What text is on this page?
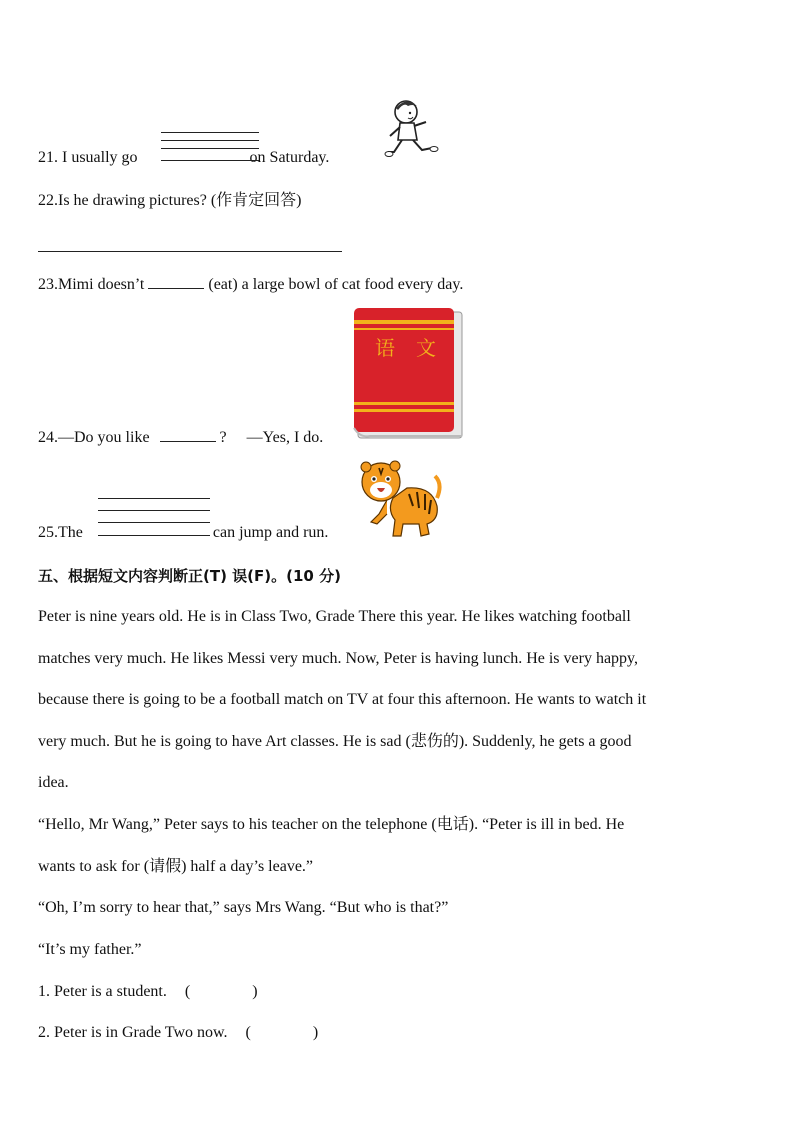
21. I usually go	on Saturday.
22.Is he drawing pictures? (作肯定回答)
23.Mimi doesn’t	(eat) a large bowl of cat food every day.
语 文
24.—Do you like	? —Yes, I do.
25.The	can jump and run.
五、根据短文内容判断正(T) 误(F)。(10 分)
Peter is nine years old. He is in Class Two, Grade There this year. He likes watching football
matches very much. He likes Messi very much. Now, Peter is having lunch. He is very happy,
because there is going to be a football match on TV at four this afternoon. He wants to watch it
very much. But he is going to have Art classes. He is sad (悲伤的). Suddenly, he gets a good
idea.
“Hello, Mr Wang,” Peter says to his teacher on the telephone (电话). “Peter is ill in bed. He
wants to ask for (请假) half a day’s leave.”
“Oh, I’m sorry to hear that,” says Mrs Wang. “But who is that?”
“It’s my father.”
1. Peter is a student. (	)
2. Peter is in Grade Two now. (	)
